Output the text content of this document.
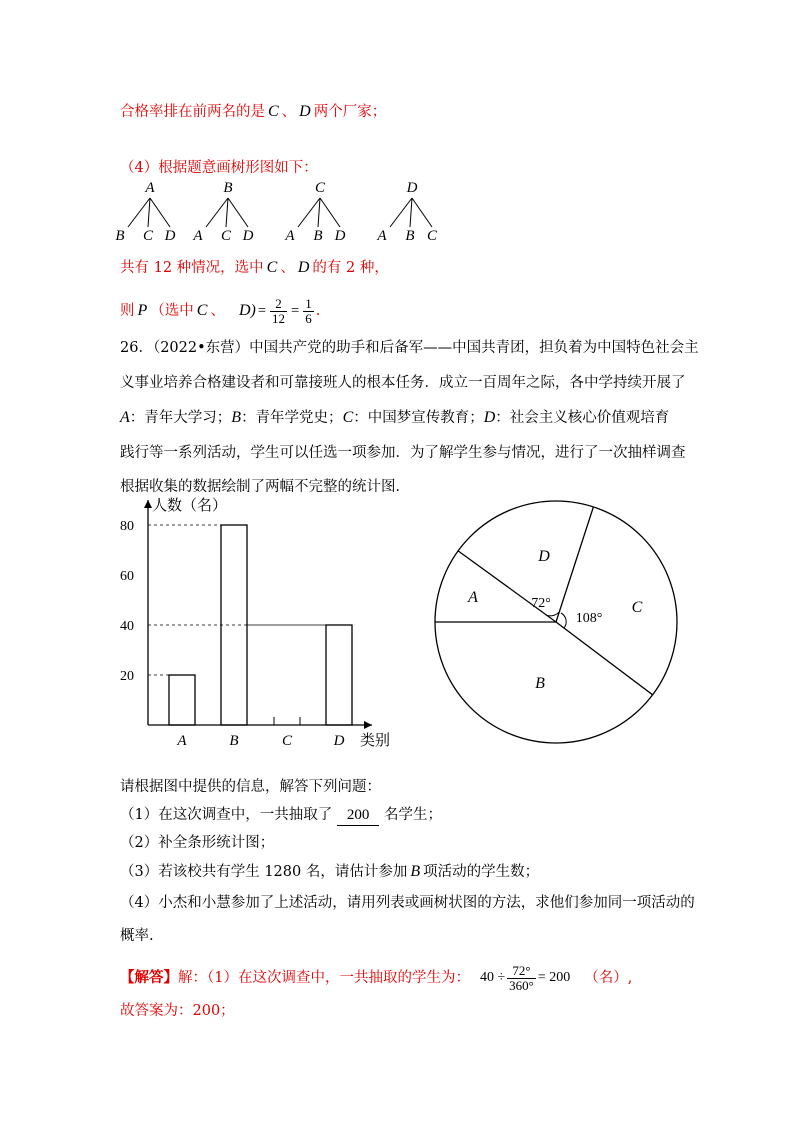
合格率排在前两名的是 C 、 D 两个厂家；
（4）根据题意画树形图如下：
A
B C D
B
A C D
C
A B D
D
A B C
共有 12 种情况，选中 C 、 D 的有 2 种，
则 P （选中 C 、 $D) = \frac{2}{12} = \frac{1}{6}$ .
26．（2022•东营）中国共产党的助手和后备军——中国共青团，担负着为中国特色社会主
义事业培养合格建设者和可靠接班人的根本任务．成立一百周年之际，各中学持续开展了
A：青年大学习；B：青年学党史；C：中国梦宣传教育；D：社会主义核心价值观培育
践行等一系列活动，学生可以任选一项参加．为了解学生参与情况，进行了一次抽样调查
根据收集的数据绘制了两幅不完整的统计图．
人数（名）
类别
20
40
60
80
A	B	C	D
A
B
C
D
72°
108°
请根据图中提供的信息，解答下列问题：
（1）在这次调查中，一共抽取了 200 名学生；
（2）补全条形统计图；
（3）若该校共有学生 1280 名，请估计参加 B 项活动的学生数；
（4）小杰和小慧参加了上述活动，请用列表或画树状图的方法，求他们参加同一项活动的
概率.
【解答】 解：（1）在这次调查中，一共抽取的学生为： $40 \div \frac{72^\circ}{360^\circ} = 200$ （名）,
故答案为：200；
